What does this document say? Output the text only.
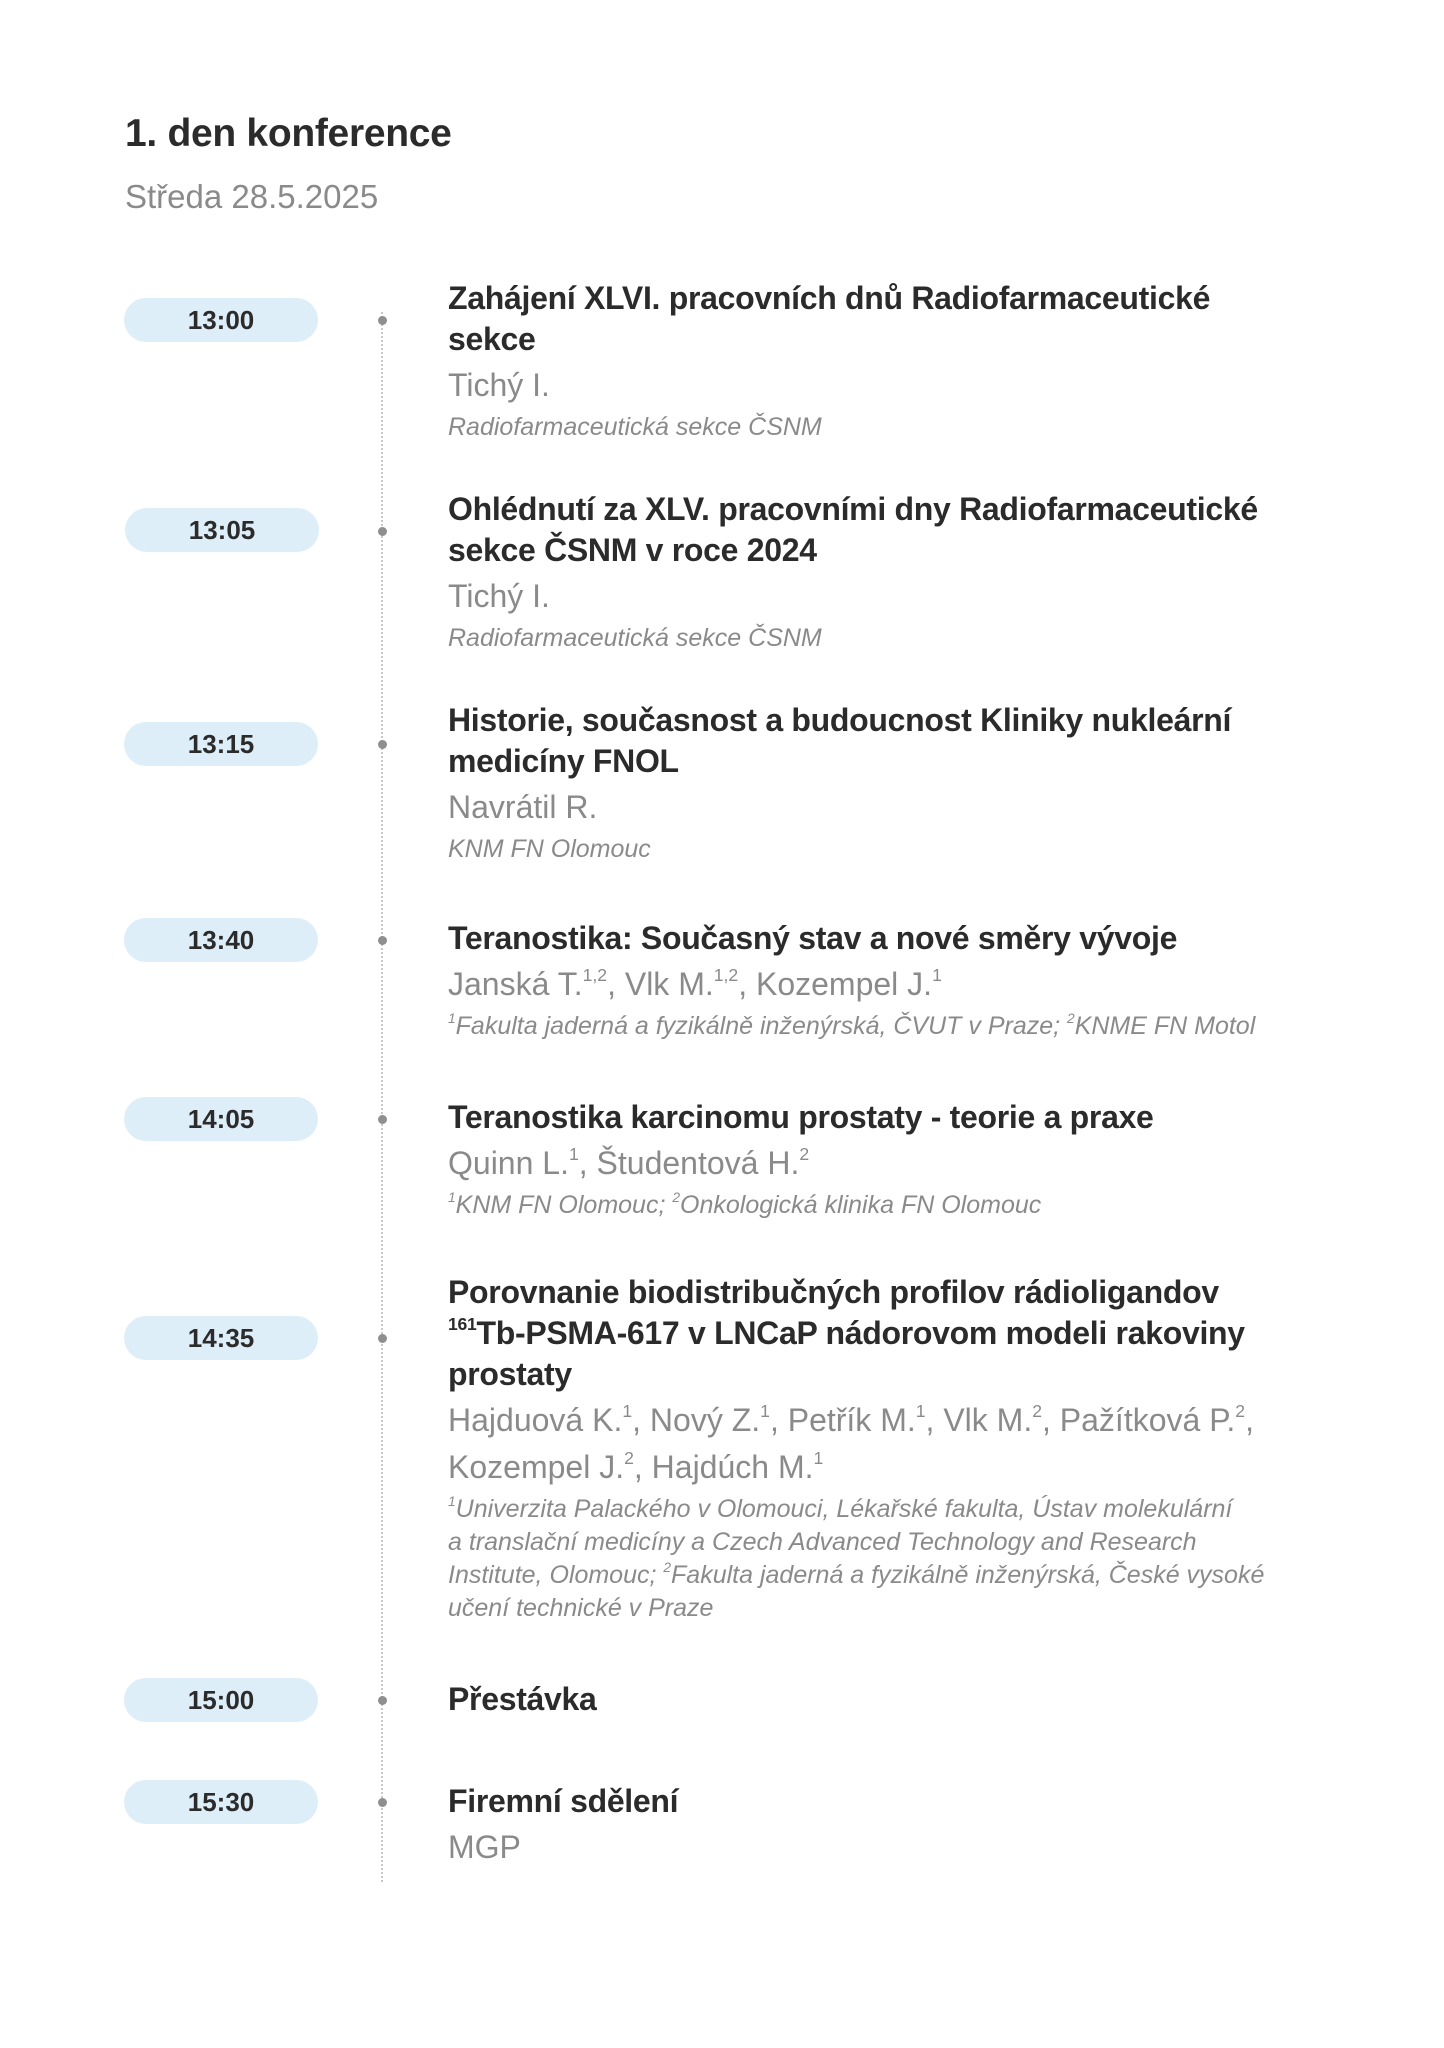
1. den konference
Středa 28.5.2025
13:00
Zahájení XLVI. pracovních dnů Radiofarmaceutické
sekce
Tichý I.
Radiofarmaceutická sekce ČSNM
13:05
Ohlédnutí za XLV. pracovními dny Radiofarmaceutické
sekce ČSNM v roce 2024
Tichý I.
Radiofarmaceutická sekce ČSNM
13:15
Historie, současnost a budoucnost Kliniky nukleární
medicíny FNOL
Navrátil R.
KNM FN Olomouc
13:40	Teranostika: Současný stav a nové směry vývoje
Janská T.$^{1,2}$, Vlk M.$^{1,2}$, Kozempel J.$^1$
$^1$Fakulta jaderná a fyzikálně inženýrská, ČVUT v Praze; $^2$KNME FN Motol
14:05	Teranostika karcinomu prostaty - teorie a praxe
Quinn L.$^1$, Študentová H.$^2$
$^1$KNM FN Olomouc; $^2$Onkologická klinika FN Olomouc
14:35
Porovnanie biodistribučných profilov rádioligandov
$^{161}$Tb-PSMA-617 v LNCaP nádorovom modeli rakoviny
prostaty
Hajduová K.$^1$, Nový Z.$^1$, Petřík M.$^1$, Vlk M.$^2$, Pažítková P.$^2$,
Kozempel J.$^2$, Hajdúch M.$^1$
$^1$Univerzita Palackého v Olomouci, Lékařské fakulta, Ústav molekulární
a translační medicíny a Czech Advanced Technology and Research
Institute, Olomouc; $^2$Fakulta jaderná a fyzikálně inženýrská, České vysoké
učení technické v Praze
15:00	Přestávka
15:30	Firemní sdělení
MGP
